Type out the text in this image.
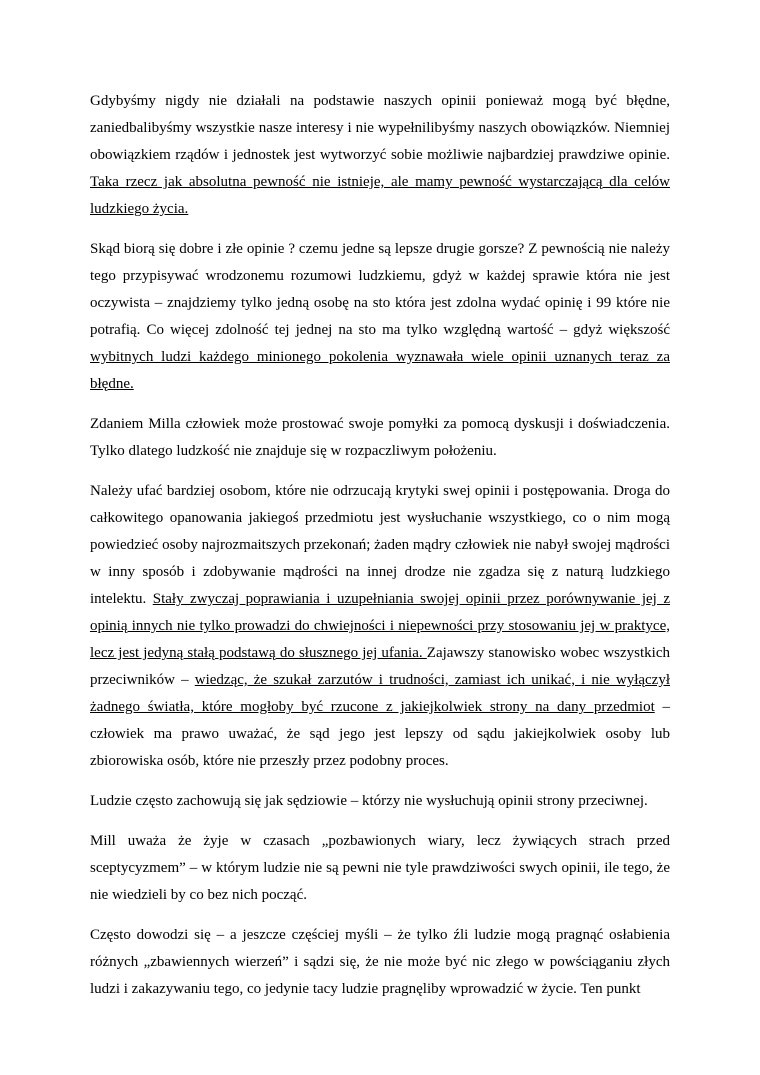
Gdybyśmy nigdy nie działali na podstawie naszych opinii ponieważ mogą być błędne, zaniedbalibyśmy wszystkie nasze interesy i nie wypełnilibyśmy naszych obowiązków. Niemniej obowiązkiem rządów i jednostek jest wytworzyć sobie możliwie najbardziej prawdziwe opinie. Taka rzecz jak absolutna pewność nie istnieje, ale mamy pewność wystarczającą dla celów ludzkiego życia.

Skąd biorą się dobre i złe opinie ? czemu jedne są lepsze drugie gorsze? Z pewnością nie należy tego przypisywać wrodzonemu rozumowi ludzkiemu, gdyż w każdej sprawie która nie jest oczywista – znajdziemy tylko jedną osobę na sto która jest zdolna wydać opinię i 99 które nie potrafią. Co więcej zdolność tej jednej na sto ma tylko względną wartość – gdyż większość wybitnych ludzi każdego minionego pokolenia wyznawała wiele opinii uznanych teraz za błędne.

Zdaniem Milla człowiek może prostować swoje pomyłki za pomocą dyskusji i doświadczenia. Tylko dlatego ludzkość nie znajduje się w rozpaczliwym położeniu.

Należy ufać bardziej osobom, które nie odrzucają krytyki swej opinii i postępowania. Droga do całkowitego opanowania jakiegoś przedmiotu jest wysłuchanie wszystkiego, co o nim mogą powiedzieć osoby najrozmaitszych przekonań; żaden mądry człowiek nie nabył swojej mądrości w inny sposób i zdobywanie mądrości na innej drodze nie zgadza się z naturą ludzkiego intelektu. Stały zwyczaj poprawiania i uzupełniania swojej opinii przez porównywanie jej z opinią innych nie tylko prowadzi do chwiejności i niepewności przy stosowaniu jej w praktyce, lecz jest jedyną stałą podstawą do słusznego jej ufania. Zajawszy stanowisko wobec wszystkich przeciwników – wiedząc, że szukał zarzutów i trudności, zamiast ich unikać, i nie wyłączył żadnego światła, które mogłoby być rzucone z jakiejkolwiek strony na dany przedmiot – człowiek ma prawo uważać, że sąd jego jest lepszy od sądu jakiejkolwiek osoby lub zbiorowiska osób, które nie przeszły przez podobny proces.

Ludzie często zachowują się jak sędziowie – którzy nie wysłuchują opinii strony przeciwnej.

Mill uważa że żyje w czasach „pozbawionych wiary, lecz żywiących strach przed sceptycyzmem” – w którym ludzie nie są pewni nie tyle prawdziwości swych opinii, ile tego, że nie wiedzieli by co bez nich począć.

Często dowodzi się – a jeszcze częściej myśli – że tylko źli ludzie mogą pragnąć osłabienia różnych „zbawiennych wierzeń” i sądzi się, że nie może być nic złego w powściąganiu złych ludzi i zakazywaniu tego, co jedynie tacy ludzie pragnęliby wprowadzić w życie. Ten punkt
